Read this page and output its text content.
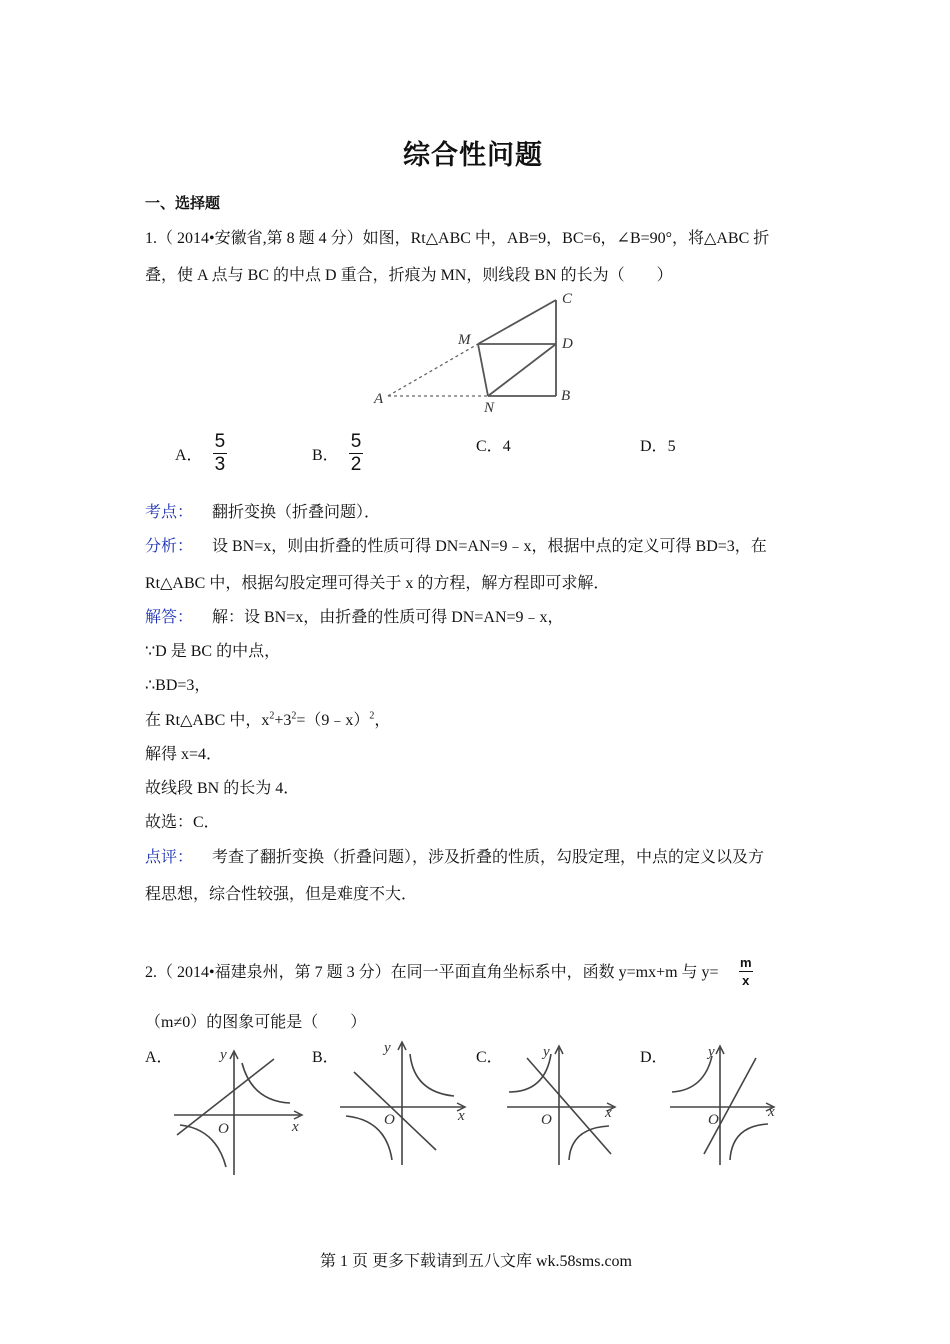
综合性问题
一、选择题
1.（ 2014•安徽省,第 8 题 4 分）如图，Rt△ABC 中，AB=9，BC=6，∠B=90°，将△ABC 折
叠，使 A 点与 BC 的中点 D 重合，折痕为 MN，则线段 BN 的长为（　　）
A	B
C
D
M
N
A． $\frac{5}{3}$	B． $\frac{5}{2}$	C．4	D．5
考点： 翻折变换（折叠问题）．
分析： 设 BN=x，则由折叠的性质可得 DN=AN=9﹣x，根据中点的定义可得 BD=3，在
Rt△ABC 中，根据勾股定理可得关于 x 的方程，解方程即可求解．
解答： 解：设 BN=x，由折叠的性质可得 DN=AN=9﹣x，
∵D 是 BC 的中点，
∴BD=3，
在 Rt△ABC 中，$x^2+3^2=(9﹣x)^2$，
解得 x=4．
故线段 BN 的长为 4．
故选：C．
点评： 考查了翻折变换（折叠问题），涉及折叠的性质，勾股定理，中点的定义以及方
程思想，综合性较强，但是难度不大．
2.（ 2014•福建泉州，第 7 题 3 分）在同一平面直角坐标系中，函数 y=mx+m 与 $y= \frac{m}{x}$
（m≠0）的图象可能是（　　）
A．	B．	C．	D．
O	x
y
O	x
y
O	x
y
O	x
y
第 1 页 更多下载请到五八文库 wk.58sms.com
